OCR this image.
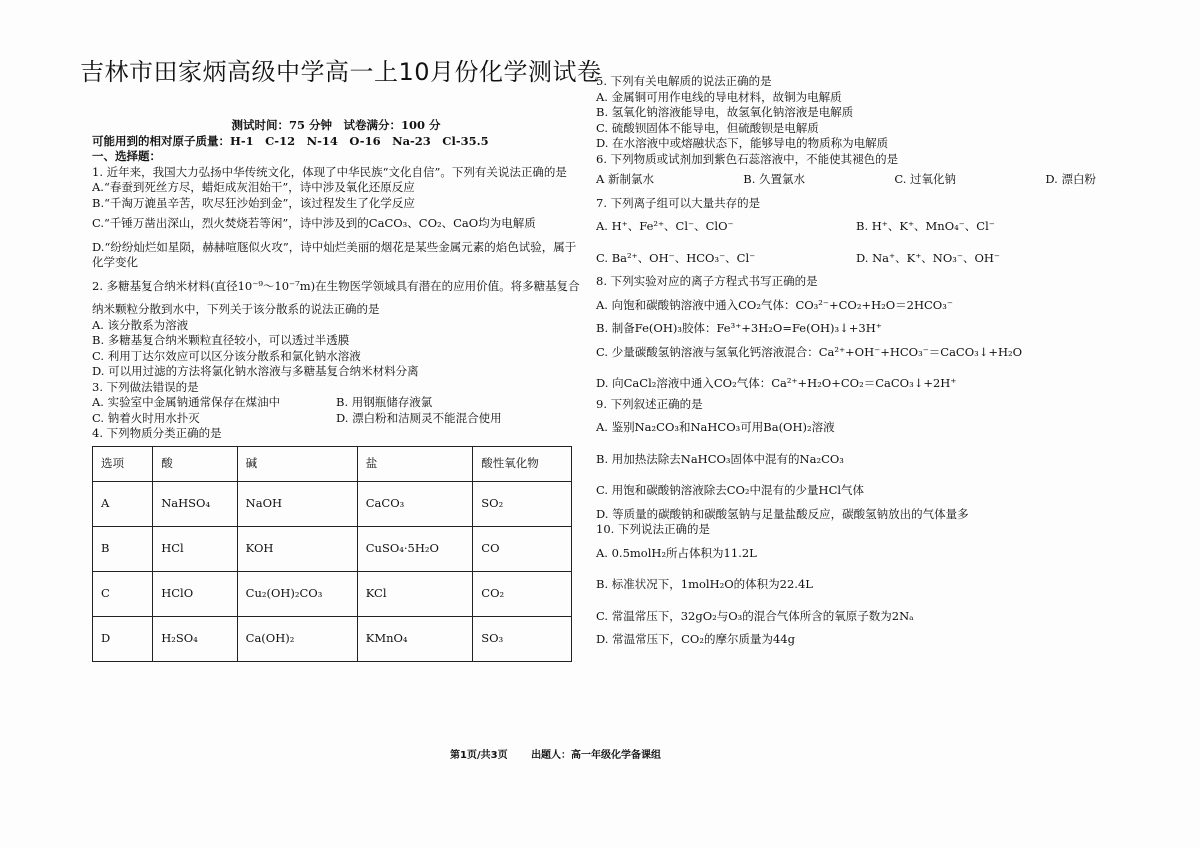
吉林市田家炳高级中学高一上10月份化学测试卷

测试时间：75 分钟　试卷满分：100 分

可能用到的相对原子质量：H-1　C-12　N-14　O-16　Na-23　Cl-35.5

一、选择题：

1. 近年来，我国大力弘扬中华传统文化，体现了中华民族“文化自信”。下列有关说法正确的是

A.“春蚕到死丝方尽，蜡炬成灰泪始干”，诗中涉及氧化还原反应

B.“千淘万漉虽辛苦，吹尽狂沙始到金”，该过程发生了化学反应

C.“千锤万凿出深山，烈火焚烧若等闲”，诗中涉及到的CaCO₃、CO₂、CaO均为电解质

D.“纷纷灿烂如星陨，赫赫喧豗似火攻”，诗中灿烂美丽的烟花是某些金属元素的焰色试验，属于

化学变化

2. 多糖基复合纳米材料(直径10⁻⁹～10⁻⁷m)在生物医学领域具有潜在的应用价值。将多糖基复合

纳米颗粒分散到水中，下列关于该分散系的说法正确的是

A. 该分散系为溶液

B. 多糖基复合纳米颗粒直径较小，可以透过半透膜

C. 利用丁达尔效应可以区分该分散系和氯化钠水溶液

D. 可以用过滤的方法将氯化钠水溶液与多糖基复合纳米材料分离

3. 下列做法错误的是

A. 实验室中金属钠通常保存在煤油中	B. 用钢瓶储存液氯
C. 钠着火时用水扑灭	D. 漂白粉和洁厕灵不能混合使用

4. 下列物质分类正确的是

选项	酸	碱	盐	酸性氧化物
A	NaHSO₄	NaOH	CaCO₃	SO₂
B	HCl	KOH	CuSO₄·5H₂O	CO
C	HClO	Cu₂(OH)₂CO₃	KCl	CO₂
D	H₂SO₄	Ca(OH)₂	KMnO₄	SO₃

5. 下列有关电解质的说法正确的是

A. 金属铜可用作电线的导电材料，故铜为电解质

B. 氢氧化钠溶液能导电，故氢氧化钠溶液是电解质

C. 硫酸钡固体不能导电，但硫酸钡是电解质

D. 在水溶液中或熔融状态下，能够导电的物质称为电解质

6. 下列物质或试剂加到紫色石蕊溶液中，不能使其褪色的是

A 新制氯水	B. 久置氯水	C. 过氧化钠	D. 漂白粉

7. 下列离子组可以大量共存的是

A. H⁺、Fe²⁺、Cl⁻、ClO⁻	B. H⁺、K⁺、MnO₄⁻、Cl⁻
C. Ba²⁺、OH⁻、HCO₃⁻、Cl⁻	D. Na⁺、K⁺、NO₃⁻、OH⁻

8. 下列实验对应的离子方程式书写正确的是

A. 向饱和碳酸钠溶液中通入CO₂气体：CO₃²⁻+CO₂+H₂O＝2HCO₃⁻

B. 制备Fe(OH)₃胶体：Fe³⁺+3H₂O=Fe(OH)₃↓+3H⁺

C. 少量碳酸氢钠溶液与氢氧化钙溶液混合：Ca²⁺+OH⁻+HCO₃⁻＝CaCO₃↓+H₂O

D. 向CaCl₂溶液中通入CO₂气体：Ca²⁺+H₂O+CO₂＝CaCO₃↓+2H⁺

9. 下列叙述正确的是

A. 鉴别Na₂CO₃和NaHCO₃可用Ba(OH)₂溶液

B. 用加热法除去NaHCO₃固体中混有的Na₂CO₃

C. 用饱和碳酸钠溶液除去CO₂中混有的少量HCl气体

D. 等质量的碳酸钠和碳酸氢钠与足量盐酸反应，碳酸氢钠放出的气体量多

10. 下列说法正确的是

A. 0.5molH₂所占体积为11.2L

B. 标准状况下，1molH₂O的体积为22.4L

C. 常温常压下，32gO₂与O₃的混合气体所含的氧原子数为2Nₐ

D. 常温常压下，CO₂的摩尔质量为44g

第1页/共3页 出题人：高一年级化学备课组
